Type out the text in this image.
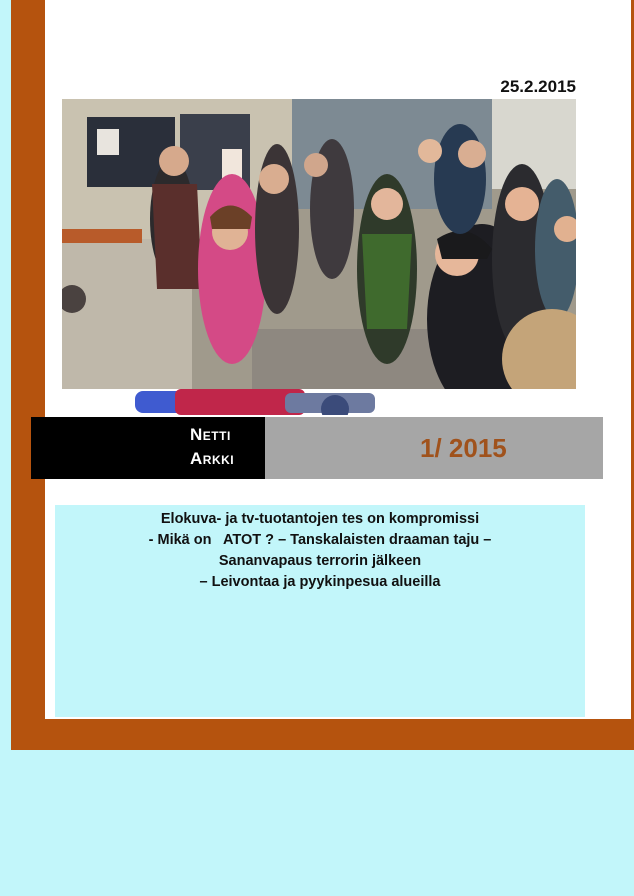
25.2.2015
Netti
Arkki	1/ 2015
Elokuva- ja tv-tuotantojen tes on kompromissi
- Mikä on   ATOT ? – Tanskalaisten draaman taju –
Sananvapaus terrorin jälkeen
– Leivontaa ja pyykinpesua alueilla
